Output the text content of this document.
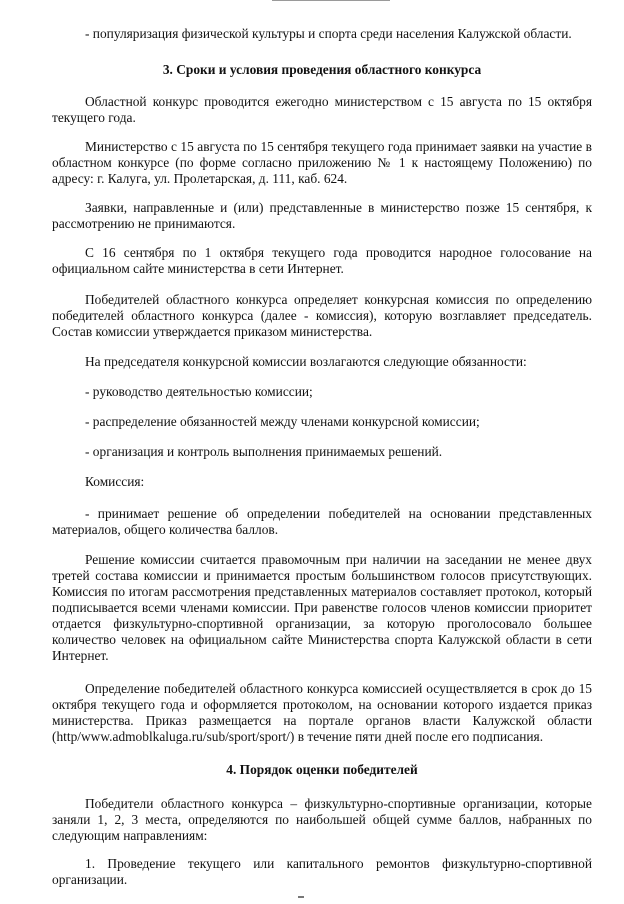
- популяризация физической культуры и спорта среди населения Калужской области.

3. Сроки и условия проведения областного конкурса

Областной конкурс проводится ежегодно министерством с 15 августа по 15 октября текущего года.

Министерство с 15 августа по 15 сентября текущего года принимает заявки на участие в областном конкурсе (по форме согласно приложению № 1 к настоящему Положению) по адресу: г. Калуга, ул. Пролетарская, д. 111, каб. 624.

Заявки, направленные и (или) представленные в министерство позже 15 сентября, к рассмотрению не принимаются.

С 16 сентября по 1 октября текущего года проводится народное голосование на официальном сайте министерства в сети Интернет.

Победителей областного конкурса определяет конкурсная комиссия по определению победителей областного конкурса (далее - комиссия), которую возглавляет председатель. Состав комиссии утверждается приказом министерства.

На председателя конкурсной комиссии возлагаются следующие обязанности:

- руководство деятельностью комиссии;

- распределение обязанностей между членами конкурсной комиссии;

- организация и контроль выполнения принимаемых решений.

Комиссия:

- принимает решение об определении победителей на основании представленных материалов, общего количества баллов.

Решение комиссии считается правомочным при наличии на заседании не менее двух третей состава комиссии и принимается простым большинством голосов присутствующих. Комиссия по итогам рассмотрения представленных материалов составляет протокол, который подписывается всеми членами комиссии. При равенстве голосов членов комиссии приоритет отдается физкультурно-спортивной организации, за которую проголосовало большее количество человек на официальном сайте Министерства спорта Калужской области в сети Интернет.

Определение победителей областного конкурса комиссией осуществляется в срок до 15 октября текущего года и оформляется протоколом, на основании которого издается приказ министерства. Приказ размещается на портале органов власти Калужской области (http/www.admoblkaluga.ru/sub/sport/sport/) в течение пяти дней после его подписания.

4. Порядок оценки победителей

Победители областного конкурса – физкультурно-спортивные организации, которые заняли 1, 2, 3 места, определяются по наибольшей общей сумме баллов, набранных по следующим направлениям:

1. Проведение текущего или капитального ремонтов физкультурно-спортивной организации.
